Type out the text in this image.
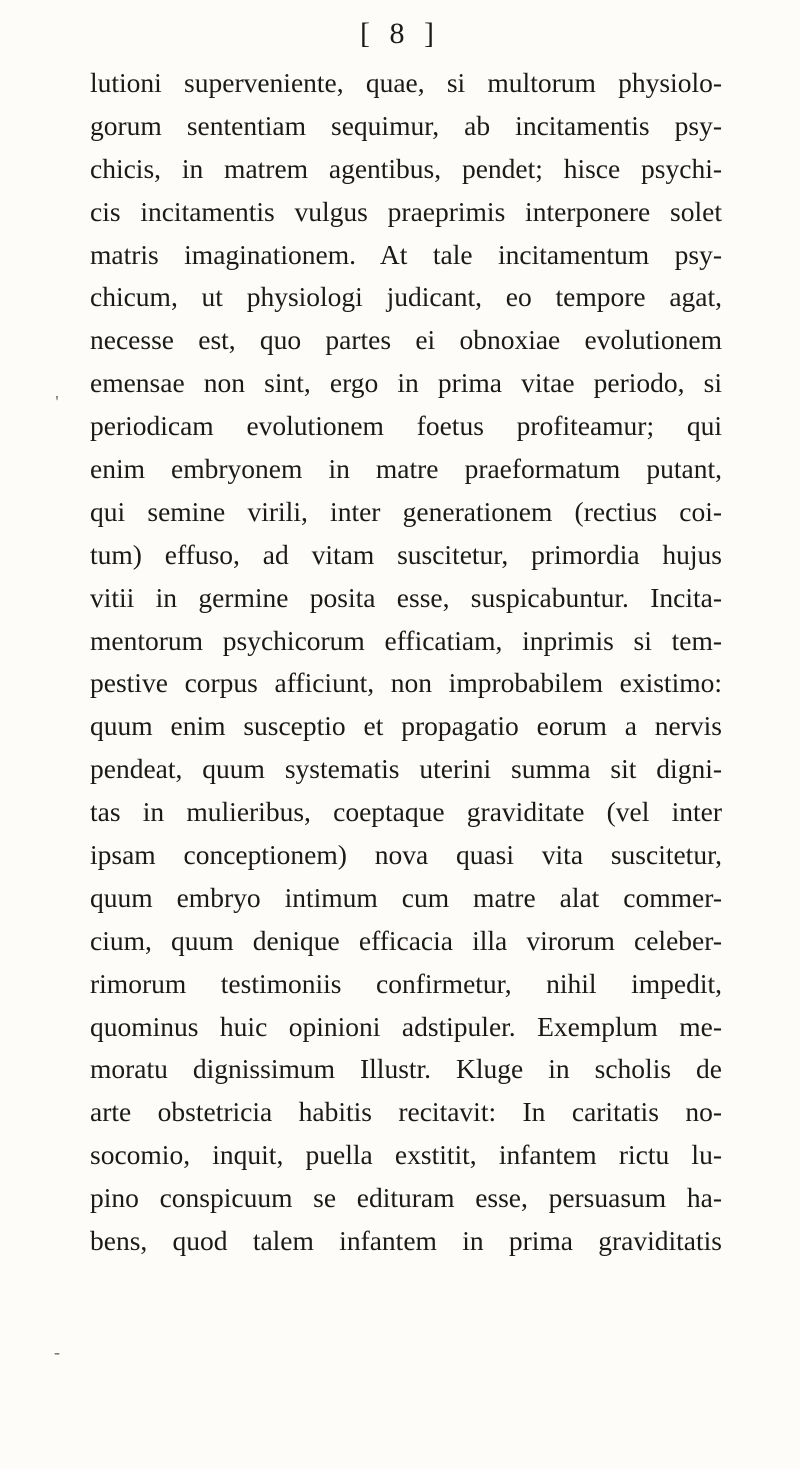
[ 8 ]
'
-
lutioni superveniente, quae, si multorum physiolo-
gorum sententiam sequimur, ab incitamentis psy-
chicis, in matrem agentibus, pendet; hisce psychi-
cis incitamentis vulgus praeprimis interponere solet
matris imaginationem. At tale incitamentum psy-
chicum, ut physiologi judicant, eo tempore agat,
necesse est, quo partes ei obnoxiae evolutionem
emensae non sint, ergo in prima vitae periodo, si
periodicam evolutionem foetus profiteamur; qui
enim embryonem in matre praeformatum putant,
qui semine virili, inter generationem (rectius coi-
tum) effuso, ad vitam suscitetur, primordia hujus
vitii in germine posita esse, suspicabuntur. Incita-
mentorum psychicorum efficatiam, inprimis si tem-
pestive corpus afficiunt, non improbabilem existimo:
quum enim susceptio et propagatio eorum a nervis
pendeat, quum systematis uterini summa sit digni-
tas in mulieribus, coeptaque graviditate (vel inter
ipsam conceptionem) nova quasi vita suscitetur,
quum embryo intimum cum matre alat commer-
cium, quum denique efficacia illa virorum celeber-
rimorum testimoniis confirmetur, nihil impedit,
quominus huic opinioni adstipuler. Exemplum me-
moratu dignissimum Illustr. Kluge in scholis de
arte obstetricia habitis recitavit: In caritatis no-
socomio, inquit, puella exstitit, infantem rictu lu-
pino conspicuum se edituram esse, persuasum ha-
bens, quod talem infantem in prima graviditatis
